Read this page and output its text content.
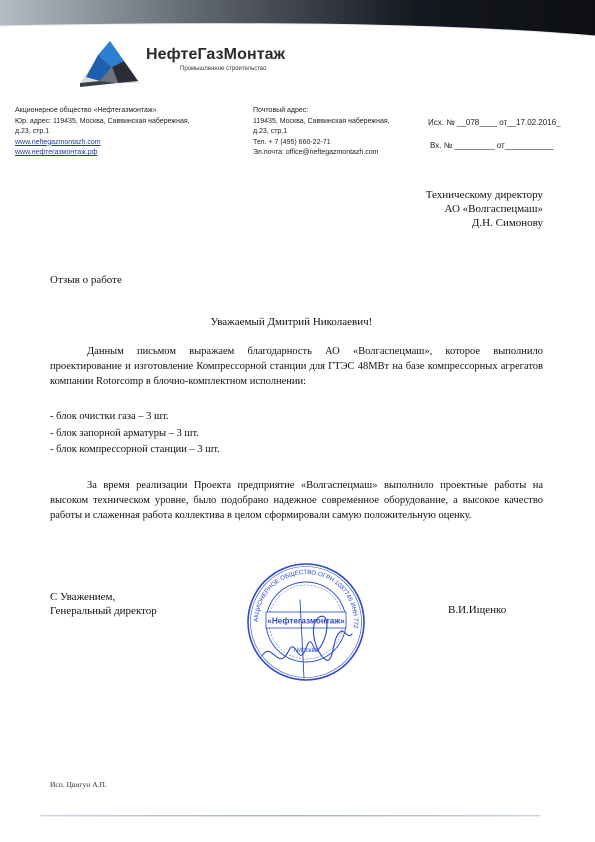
НефтеГазМонтаж
Промышленное строительство
Акционерное общество «Нефтегазмонтаж»
Юр. адрес: 119435, Москва, Саввинская набережная,
д.23, стр.1
www.neftegazmontazh.com
www.нефтегазмонтаж.рф
Почтовый адрес:
119435, Москва, Саввинская набережная,
д.23, стр.1
Тел. + 7 (495) 660-22-71
Эл.почта: office@neftegazmontazh.com
Исх. № __078____ от__17.02.2016_
Вх. № _________ от___________
Техническому директору
АО «Волгаспецмаш»
Д.Н. Симонову
Отзыв о работе
Уважаемый Дмитрий Николаевич!
Данным письмом выражаем благодарность АО «Волгаспецмаш», которое выполнило проектирование и изготовление Компрессорной станции для ГТЭС 48МВт на базе компрессорных агрегатов компании Rotorcomp в блочно-комплектном исполнении:
- блок очистки газа – 3 шт.
- блок запорной арматуры – 3 шт.
- блок компрессорной станции – 3 шт.
За время реализации Проекта предприятие «Волгаспецмаш» выполнило проектные работы на высоком техническом уровне, было подобрано надежное современное оборудование, а высокое качество работы и слаженная работа коллектива в целом сформировали самую положительную оценку.
С Уважением,
Генеральный директор	В.И.Ищенко
АКЦИОНЕРНОЕ ОБЩЕСТВО ОГРН 1087746 ИНН 772
г.Москва
«Нефтегазмонтаж»
Исп. Цвигун А.П.
